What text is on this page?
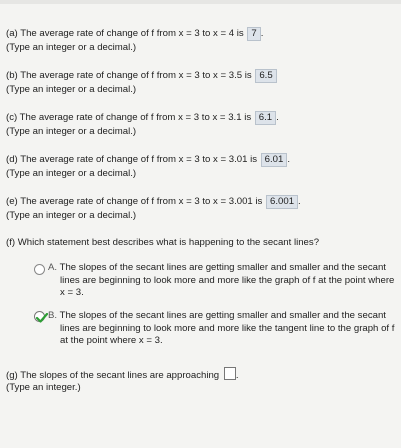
(a) The average rate of change of f from x = 3 to x = 4 is 7 .
(Type an integer or a decimal.)
(b) The average rate of change of f from x = 3 to x = 3.5 is 6.5
(Type an integer or a decimal.)
(c) The average rate of change of f from x = 3 to x = 3.1 is 6.1 .
(Type an integer or a decimal.)
(d) The average rate of change of f from x = 3 to x = 3.01 is 6.01 .
(Type an integer or a decimal.)
(e) The average rate of change of f from x = 3 to x = 3.001 is 6.001 .
(Type an integer or a decimal.)
(f) Which statement best describes what is happening to the secant lines?
A. The slopes of the secant lines are getting smaller and smaller and the secant
lines are beginning to look more and more like the graph of f at the point where
x = 3.
B. The slopes of the secant lines are getting smaller and smaller and the secant
lines are beginning to look more and more like the tangent line to the graph of f
at the point where x = 3.
(g) The slopes of the secant lines are approaching .
(Type an integer.)
